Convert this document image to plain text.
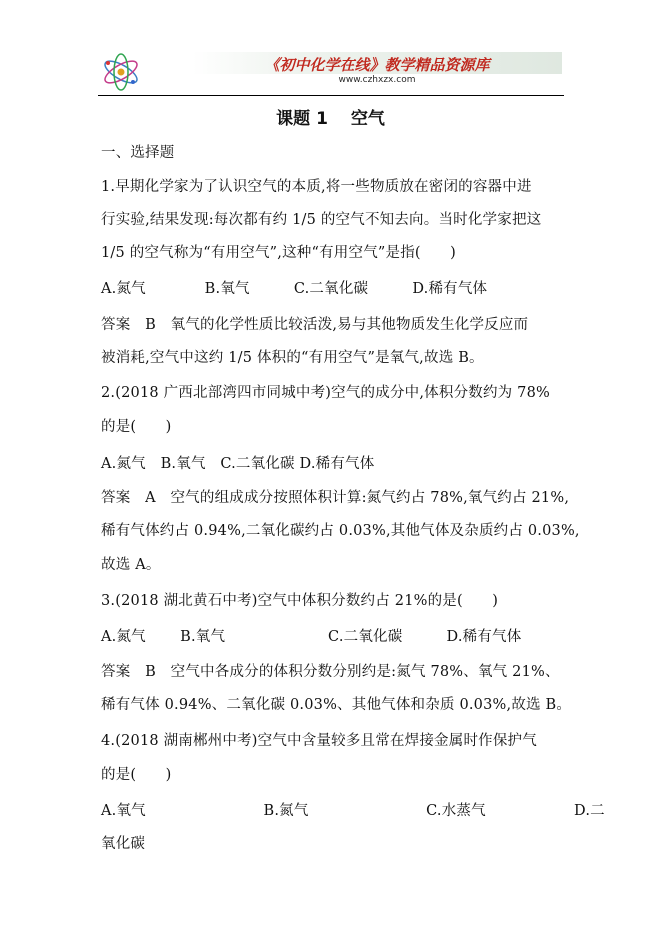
《初中化学在线》教学精品资源库
www.czhxzx.com
课题 1　 空气
一、选择题
1.早期化学家为了认识空气的本质,将一些物质放在密闭的容器中进
行实验,结果发现:每次都有约 1/5 的空气不知去向。当时化学家把这
1/5 的空气称为“有用空气”,这种“有用空气”是指(　　)
A.氮气　　　　B.氧气　　　C.二氧化碳　　　D.稀有气体
答案　B　氧气的化学性质比较活泼,易与其他物质发生化学反应而
被消耗,空气中这约 1/5 体积的“有用空气”是氧气,故选 B。
2.(2018 广西北部湾四市同城中考)空气的成分中,体积分数约为 78%
的是(　　)
A.氮气　B.氧气　C.二氧化碳 D.稀有气体
答案　A　空气的组成成分按照体积计算:氮气约占 78%,氧气约占 21%,
稀有气体约占 0.94%,二氧化碳约占 0.03%,其他气体及杂质约占 0.03%,
故选 A。
3.(2018 湖北黄石中考)空气中体积分数约占 21%的是(　　)
A.氮气　　 B.氧气　　　　　　　C.二氧化碳　　　D.稀有气体
答案　B　空气中各成分的体积分数分别约是:氮气 78%、氧气 21%、
稀有气体 0.94%、二氧化碳 0.03%、其他气体和杂质 0.03%,故选 B。
4.(2018 湖南郴州中考)空气中含量较多且常在焊接金属时作保护气
的是(　　)
A.氧气　　　　　　　　B.氮气　　　　　　　　C.水蒸气　　　　　　D.二
氧化碳
